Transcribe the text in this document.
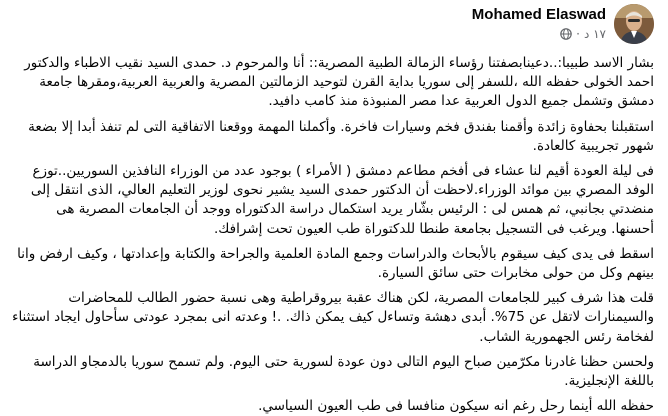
Mohamed Elaswad
١٧ د
·

بشار الاسد طبيبا:..دعينابصفتنا رؤساء الزمالة الطبية المصرية:: أنا والمرحوم د. حمدى السيد نقيب الاطباء والدكتور احمد الخولى حفظه الله ،للسفر إلى سوريا بداية القرن لتوحيد الزمالتين المصرية والعربية العربية،ومقرها جامعة دمشق وتشمل جميع الدول العربية عدا مصر المنبوذة منذ كامب دافيد.

استقبلنا بحفاوة زائدة وأقمنا بفندق فخم وسيارات فاخرة. وأكملنا المهمة ووقعنا الاتفاقية التى لم تنفذ أبدا إلا بضعة شهور تجريبية كالعادة.

فى ليلة العودة أقيم لنا عشاء فى أفخم مطاعم دمشق ( الأمراء ) بوجود عدد من الوزراء النافذين السوريين..توزع الوفد المصري بين موائد الوزراء.لاحظت أن الدكتور حمدى السيد يشير نحوى لوزير التعليم العالي، الذى انتقل إلى منضدتي بجانبي، ثم همس لى : الرئيس بشّار يريد استكمال دراسة الدكتوراه ووجد أن الجامعات المصرية هى أحسنها. ويرغب فى التسجيل بجامعة طنطا للدكتوراة طب العيون تحت إشرافك.

اسقط فى يدى كيف سيقوم بالأبحاث والدراسات وجمع المادة العلمية والجراحة والكتابة وإعدادتها ، وكيف ارفض وانا بينهم وكل من حولى مخابرات حتى سائق السيارة.

قلت هذا شرف كبير للجامعات المصرية، لكن هناك عقبة بيروقراطية وهى نسبة حضور الطالب للمحاضرات والسيمنارات لاتقل عن 75%. أبدى دهشة وتساءل كيف يمكن ذاك. .! وعدته انى بمجرد عودتى سأحاول ايجاد استثناء لفخامة رئس الجهمورية الشاب.

ولحسن حظنا غادرنا مكرّمين صباح اليوم التالى دون عودة لسورية حتى اليوم. ولم تسمح سوريا بالدمجاو الدراسة باللغة الإنجليزية.

حفظه الله أينما رحل رغم انه سيكون منافسا فى طب العيون السياسي.
